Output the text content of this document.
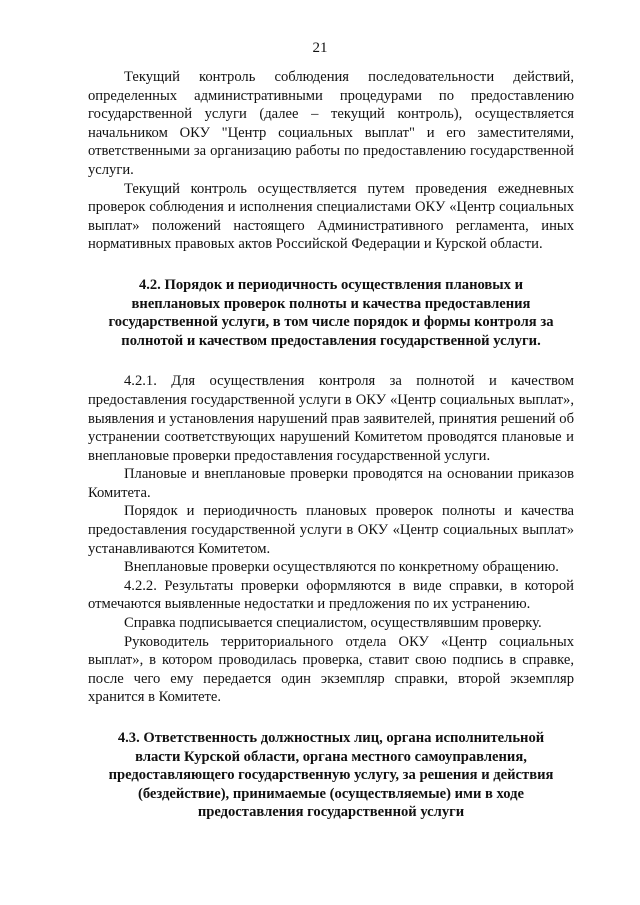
21

Текущий контроль соблюдения последовательности действий, определенных административными процедурами по предоставлению государственной услуги (далее – текущий контроль), осуществляется начальником ОКУ "Центр социальных выплат" и его заместителями, ответственными за организацию работы по предоставлению государственной услуги.

Текущий контроль осуществляется путем проведения ежедневных проверок соблюдения и исполнения специалистами ОКУ «Центр социальных выплат» положений настоящего Административного регламента, иных нормативных правовых актов Российской Федерации и Курской области.

4.2. Порядок и периодичность осуществления плановых и внеплановых проверок полноты и качества предоставления государственной услуги, в том числе порядок и формы контроля за полнотой и качеством предоставления государственной услуги.

4.2.1. Для осуществления контроля за полнотой и качеством предоставления государственной услуги в ОКУ «Центр социальных выплат», выявления и установления нарушений прав заявителей, принятия решений об устранении соответствующих нарушений Комитетом проводятся плановые и внеплановые проверки предоставления государственной услуги.

Плановые и внеплановые проверки проводятся на основании приказов Комитета.

Порядок и периодичность плановых проверок полноты и качества предоставления государственной услуги в ОКУ «Центр социальных выплат» устанавливаются Комитетом.

Внеплановые проверки осуществляются по конкретному обращению.

4.2.2. Результаты проверки оформляются в виде справки, в которой отмечаются выявленные недостатки и предложения по их устранению.

Справка подписывается специалистом, осуществлявшим проверку.

Руководитель территориального отдела ОКУ «Центр социальных выплат», в котором проводилась проверка, ставит свою подпись в справке, после чего ему передается один экземпляр справки, второй экземпляр хранится в Комитете.

4.3. Ответственность должностных лиц, органа исполнительной власти Курской области, органа местного самоуправления, предоставляющего государственную услугу, за решения и действия (бездействие), принимаемые (осуществляемые) ими в ходе предоставления государственной услуги
